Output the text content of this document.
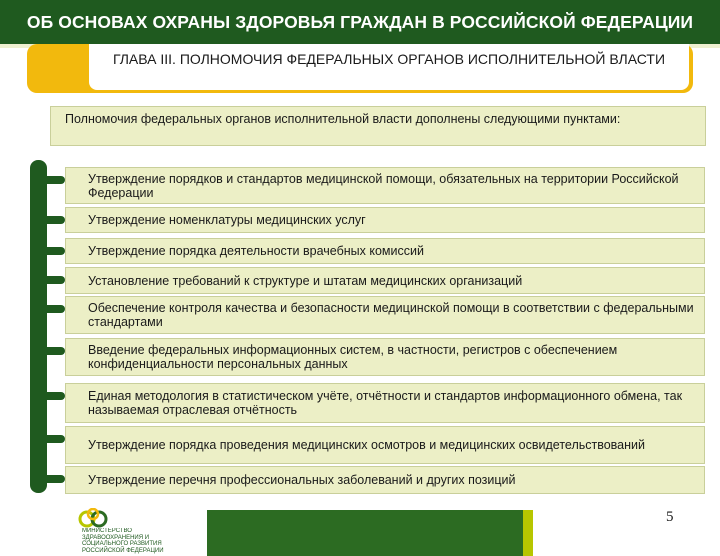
ОБ ОСНОВАХ ОХРАНЫ ЗДОРОВЬЯ ГРАЖДАН В РОССИЙСКОЙ ФЕДЕРАЦИИ
ГЛАВА III. ПОЛНОМОЧИЯ ФЕДЕРАЛЬНЫХ ОРГАНОВ ИСПОЛНИТЕЛЬНОЙ ВЛАСТИ
Полномочия федеральных органов исполнительной власти дополнены следующими пунктами:
Утверждение порядков и стандартов медицинской помощи, обязательных на территории Российской Федерации
Утверждение номенклатуры медицинских услуг
Утверждение порядка деятельности врачебных комиссий
Установление требований к структуре и штатам медицинских организаций
Обеспечение контроля качества и безопасности медицинской помощи в соответствии с федеральными стандартами
Введение федеральных информационных систем, в частности, регистров с обеспечением конфиденциальности персональных данных
Единая методология в статистическом учёте, отчётности и стандартов информационного обмена, так называемая отраслевая отчётность
Утверждение порядка проведения медицинских осмотров и медицинских освидетельствований
Утверждение перечня профессиональных заболеваний и других позиций
МИНИСТЕРСТВО ЗДРАВООХРАНЕНИЯ И СОЦИАЛЬНОГО РАЗВИТИЯ РОССИЙСКОЙ ФЕДЕРАЦИИ
5
